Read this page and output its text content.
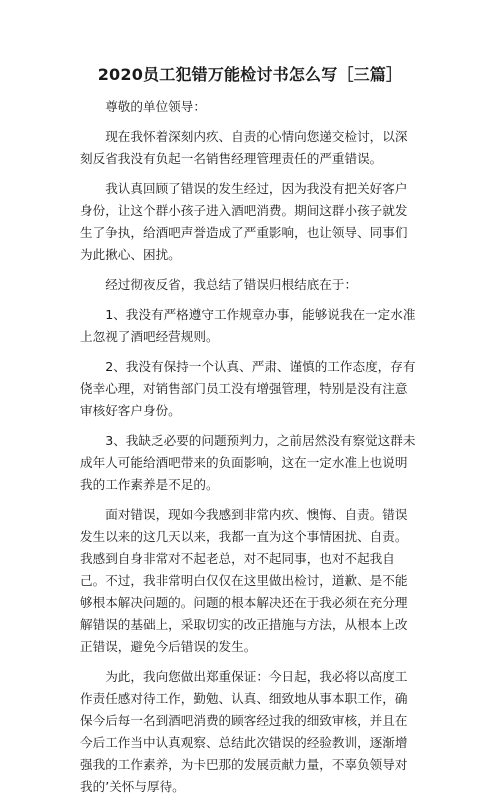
2020员工犯错万能检讨书怎么写［三篇］

尊敬的单位领导：

现在我怀着深刻内疚、自责的心情向您递交检讨，以深刻反省我没有负起一名销售经理管理责任的严重错误。

我认真回顾了错误的发生经过，因为我没有把关好客户身份，让这个群小孩子进入酒吧消费。期间这群小孩子就发生了争执，给酒吧声誉造成了严重影响，也让领导、同事们为此揪心、困扰。

经过彻夜反省，我总结了错误归根结底在于：

1、我没有严格遵守工作规章办事，能够说我在一定水准上忽视了酒吧经营规则。

2、我没有保持一个认真、严肃、谨慎的工作态度，存有侥幸心理，对销售部门员工没有增强管理，特别是没有注意审核好客户身份。

3、我缺乏必要的问题预判力，之前居然没有察觉这群未成年人可能给酒吧带来的负面影响，这在一定水准上也说明我的工作素养是不足的。

面对错误，现如今我感到非常内疚、懊悔、自责。错误发生以来的这几天以来，我都一直为这个事情困扰、自责。我感到自身非常对不起老总，对不起同事，也对不起我自己。不过，我非常明白仅仅在这里做出检讨，道歉、是不能够根本解决问题的。问题的根本解决还在于我必须在充分理解错误的基础上，采取切实的改正措施与方法，从根本上改正错误，避免今后错误的发生。

为此，我向您做出郑重保证：今日起，我必将以高度工作责任感对待工作，勤勉、认真、细致地从事本职工作，确保今后每一名到酒吧消费的顾客经过我的细致审核，并且在今后工作当中认真观察、总结此次错误的经验教训，逐渐增强我的工作素养，为卡巴那的发展贡献力量，不辜负领导对我的’关怀与厚待。
